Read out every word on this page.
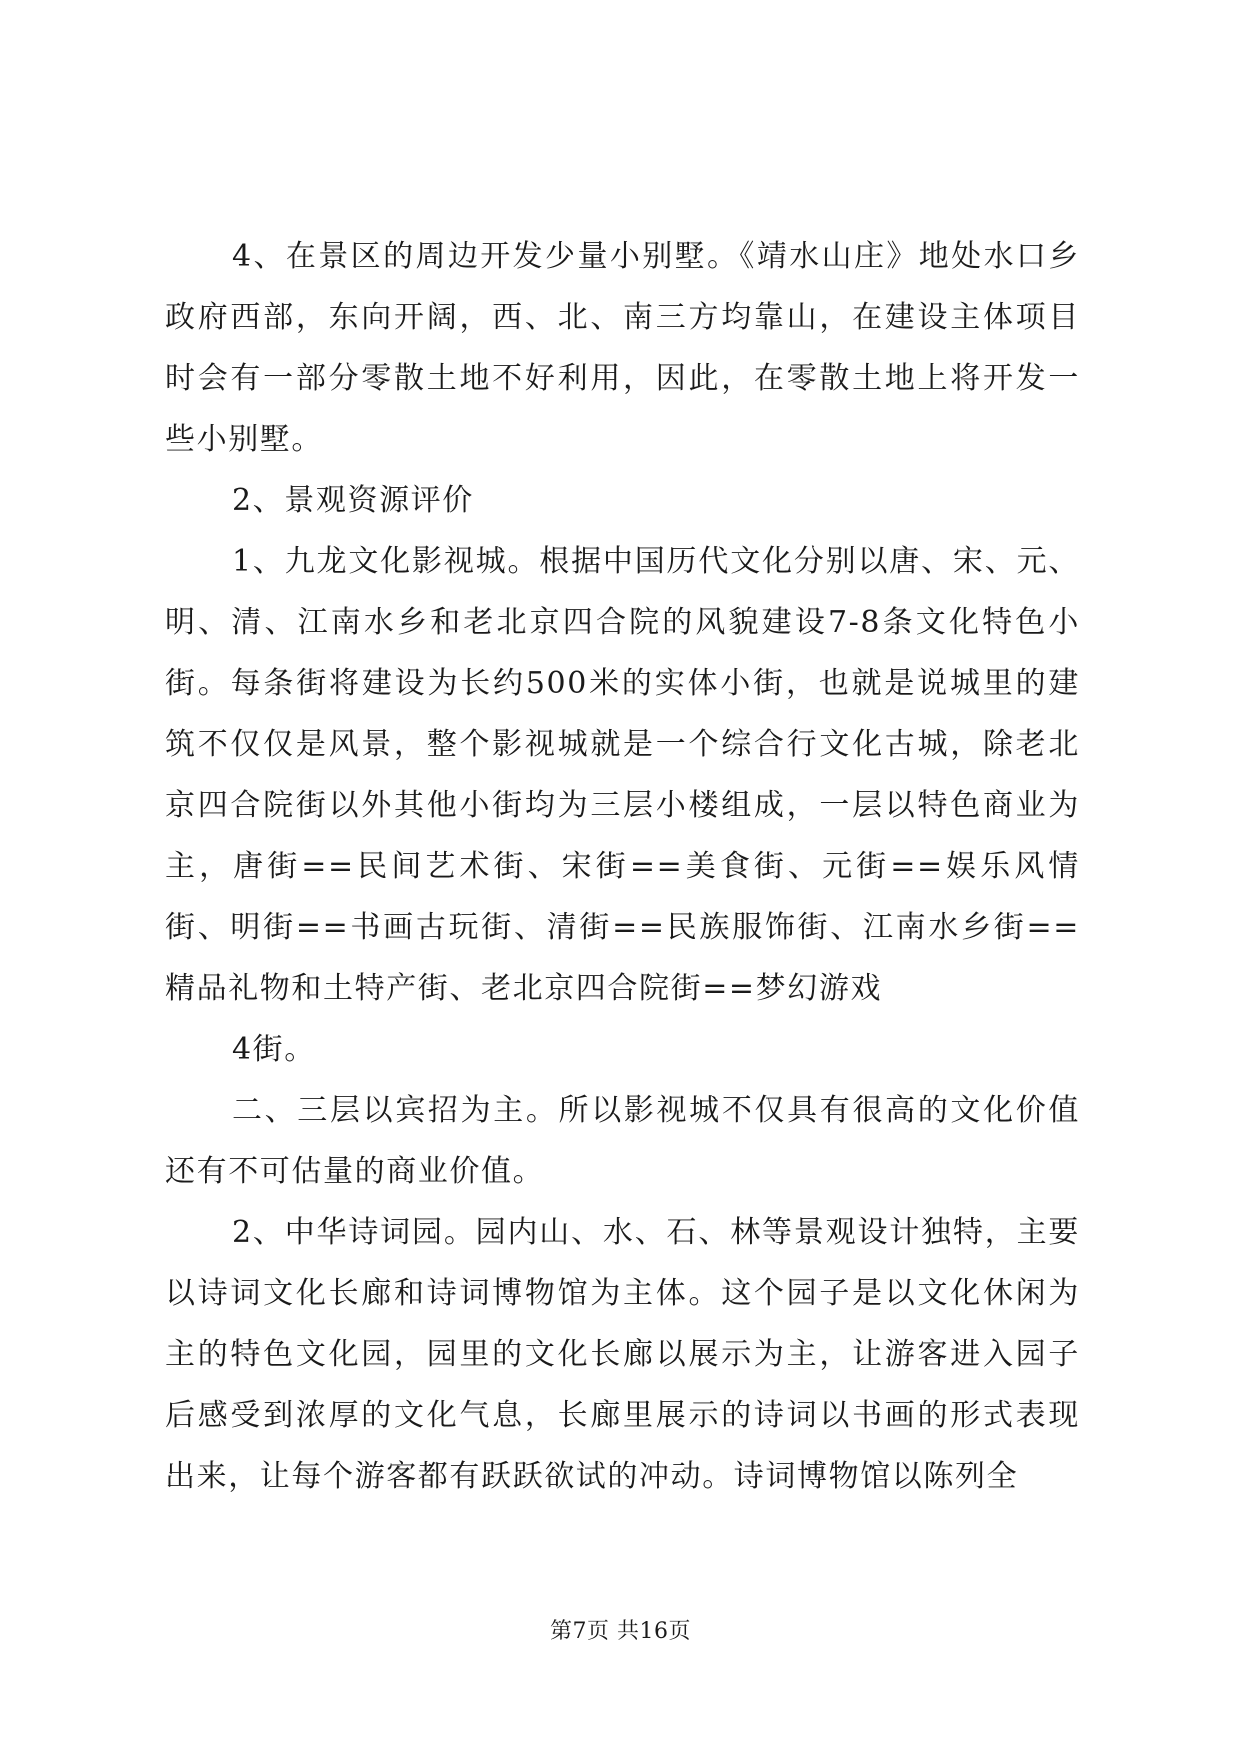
4、在景区的周边开发少量小别墅。《靖水山庄》地处水口乡政府西部，东向开阔，西、北、南三方均靠山，在建设主体项目时会有一部分零散土地不好利用，因此，在零散土地上将开发一些小别墅。

2、景观资源评价

1、九龙文化影视城。根据中国历代文化分别以唐、宋、元、明、清、江南水乡和老北京四合院的风貌建设7-8条文化特色小街。每条街将建设为长约500米的实体小街，也就是说城里的建筑不仅仅是风景，整个影视城就是一个综合行文化古城，除老北京四合院街以外其他小街均为三层小楼组成，一层以特色商业为主，唐街==民间艺术街、宋街==美食街、元街==娱乐风情街、明街==书画古玩街、清街==民族服饰街、江南水乡街==精品礼物和土特产街、老北京四合院街==梦幻游戏

4街。

二、三层以宾招为主。所以影视城不仅具有很高的文化价值还有不可估量的商业价值。

2、中华诗词园。园内山、水、石、林等景观设计独特，主要以诗词文化长廊和诗词博物馆为主体。这个园子是以文化休闲为主的特色文化园，园里的文化长廊以展示为主，让游客进入园子后感受到浓厚的文化气息，长廊里展示的诗词以书画的形式表现出来，让每个游客都有跃跃欲试的冲动。诗词博物馆以陈列全

第7页 共16页
